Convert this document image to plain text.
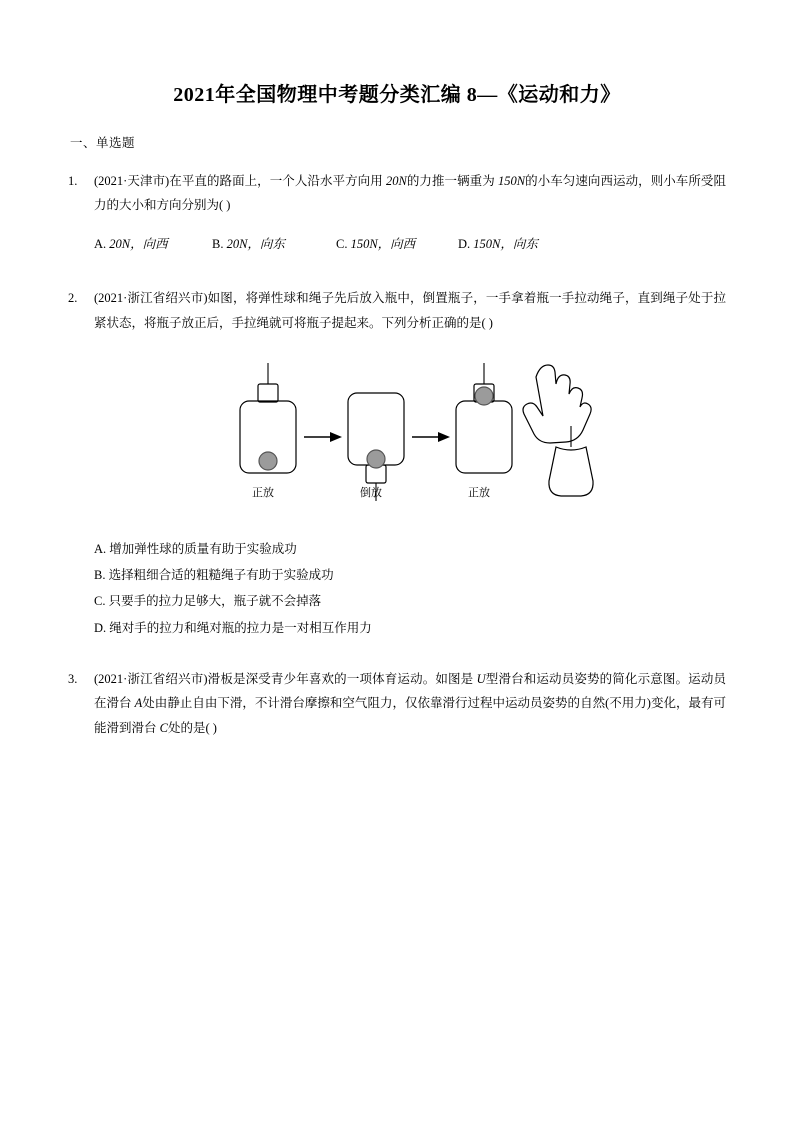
2021年全国物理中考题分类汇编 8—《运动和力》
一、单选题
1.	(2021·天津市)在平直的路面上，一个人沿水平方向用 20N的力推一辆重为 150N的小车匀速向西运动，则小车所受阻力的大小和方向分别为( )
A. 20N，向西	B. 20N，向东	C. 150N，向西	D. 150N，向东
2.	(2021·浙江省绍兴市)如图，将弹性球和绳子先后放入瓶中，倒置瓶子，一手拿着瓶一手拉动绳子，直到绳子处于拉紧状态，将瓶子放正后，手拉绳就可将瓶子提起来。下列分析正确的是( )
正放	倒放	正放
A. 增加弹性球的质量有助于实验成功
B. 选择粗细合适的粗糙绳子有助于实验成功
C. 只要手的拉力足够大，瓶子就不会掉落
D. 绳对手的拉力和绳对瓶的拉力是一对相互作用力
3.	(2021·浙江省绍兴市)滑板是深受青少年喜欢的一项体育运动。如图是 U型滑台和运动员姿势的简化示意图。运动员在滑台 A处由静止自由下滑，不计滑台摩擦和空气阻力，仅依靠滑行过程中运动员姿势的自然(不用力)变化，最有可能滑到滑台 C处的是( )
